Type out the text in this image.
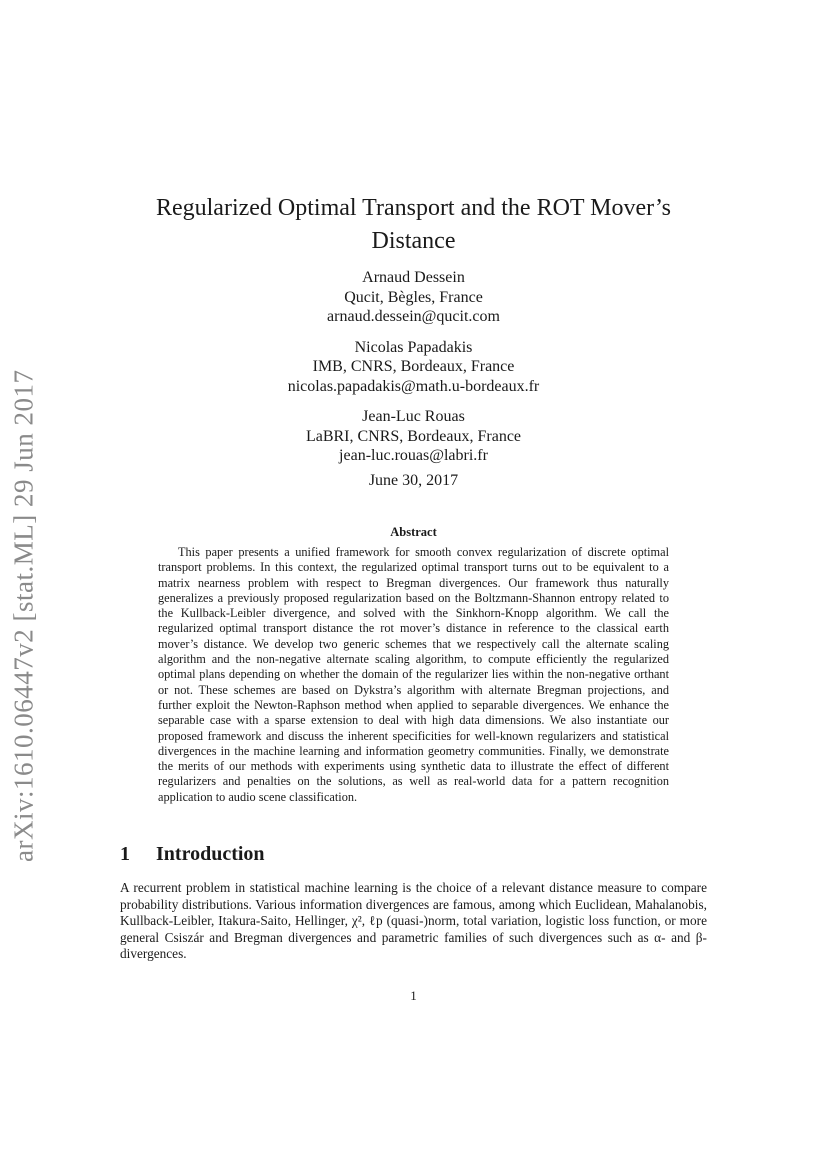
arXiv:1610.06447v2 [stat.ML] 29 Jun 2017
Regularized Optimal Transport and the ROT Mover’s Distance
Arnaud Dessein
Qucit, Bègles, France
arnaud.dessein@qucit.com
Nicolas Papadakis
IMB, CNRS, Bordeaux, France
nicolas.papadakis@math.u-bordeaux.fr
Jean-Luc Rouas
LaBRI, CNRS, Bordeaux, France
jean-luc.rouas@labri.fr
June 30, 2017
Abstract

This paper presents a unified framework for smooth convex regularization of discrete optimal transport problems. In this context, the regularized optimal transport turns out to be equivalent to a matrix nearness problem with respect to Bregman divergences. Our framework thus naturally generalizes a previously proposed regularization based on the Boltzmann-Shannon entropy related to the Kullback-Leibler divergence, and solved with the Sinkhorn-Knopp algorithm. We call the regularized optimal transport distance the rot mover’s distance in reference to the classical earth mover’s distance. We develop two generic schemes that we respectively call the alternate scaling algorithm and the non-negative alternate scaling algorithm, to compute efficiently the regularized optimal plans depending on whether the domain of the regularizer lies within the non-negative orthant or not. These schemes are based on Dykstra’s algorithm with alternate Bregman projections, and further exploit the Newton-Raphson method when applied to separable divergences. We enhance the separable case with a sparse extension to deal with high data dimensions. We also instantiate our proposed framework and discuss the inherent specificities for well-known regularizers and statistical divergences in the machine learning and information geometry communities. Finally, we demonstrate the merits of our methods with experiments using synthetic data to illustrate the effect of different regularizers and penalties on the solutions, as well as real-world data for a pattern recognition application to audio scene classification.

1 Introduction

A recurrent problem in statistical machine learning is the choice of a relevant distance measure to compare probability distributions. Various information divergences are famous, among which Euclidean, Mahalanobis, Kullback-Leibler, Itakura-Saito, Hellinger, χ², ℓp (quasi-)norm, total variation, logistic loss function, or more general Csiszár and Bregman divergences and parametric families of such divergences such as α- and β-divergences.

1
